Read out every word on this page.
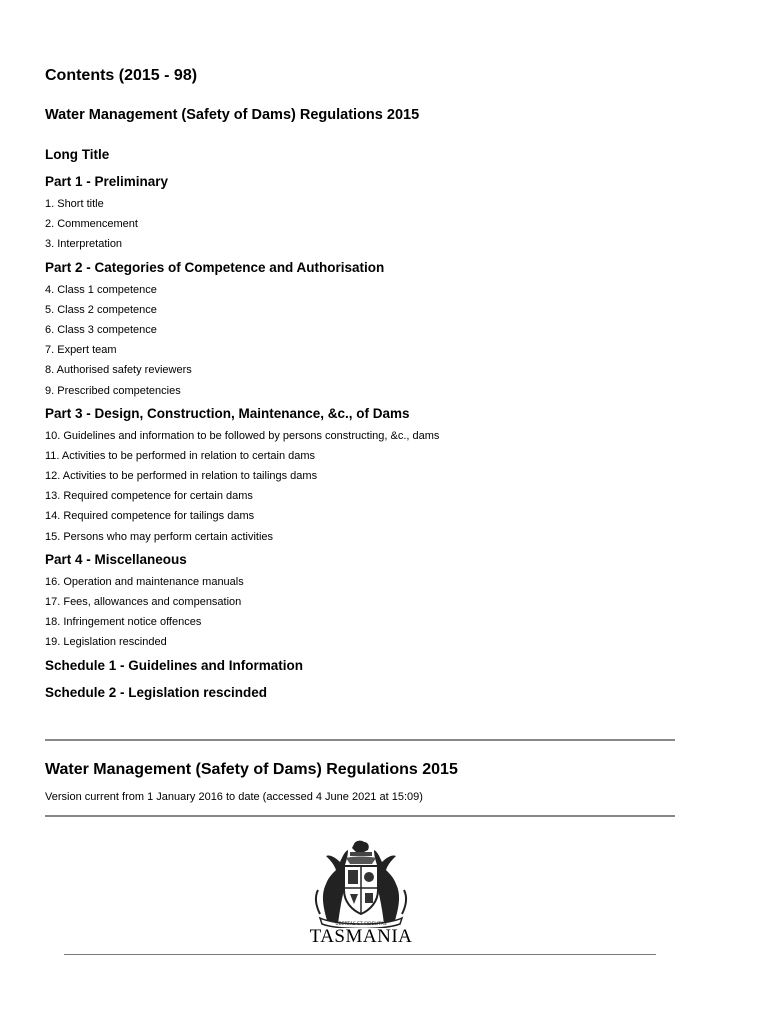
Contents (2015 - 98)
Water Management (Safety of Dams) Regulations 2015
Long Title
Part 1 - Preliminary
1. Short title
2. Commencement
3. Interpretation
Part 2 - Categories of Competence and Authorisation
4. Class 1 competence
5. Class 2 competence
6. Class 3 competence
7. Expert team
8. Authorised safety reviewers
9. Prescribed competencies
Part 3 - Design, Construction, Maintenance, &c., of Dams
10. Guidelines and information to be followed by persons constructing, &c., dams
11. Activities to be performed in relation to certain dams
12. Activities to be performed in relation to tailings dams
13. Required competence for certain dams
14. Required competence for tailings dams
15. Persons who may perform certain activities
Part 4 - Miscellaneous
16. Operation and maintenance manuals
17. Fees, allowances and compensation
18. Infringement notice offences
19. Legislation rescinded
Schedule 1 - Guidelines and Information
Schedule 2 - Legislation rescinded
Water Management (Safety of Dams) Regulations 2015
Version current from 1 January 2016 to date (accessed 4 June 2021 at 15:09)
UBERTAS ET FIDELITAS
TASMANIA
